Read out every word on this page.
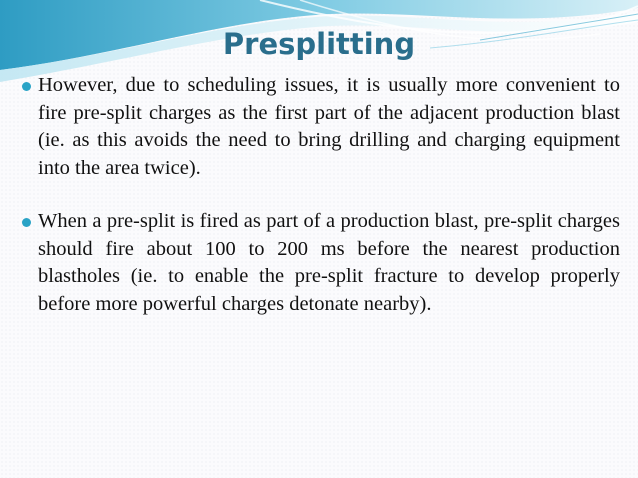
Presplitting

However, due to scheduling issues, it is usually more convenient to fire pre-split charges as the first part of the adjacent production blast (ie. as this avoids the need to bring drilling and charging equipment into the area twice).

When a pre-split is fired as part of a production blast, pre-split charges should fire about 100 to 200 ms before the nearest production blastholes (ie. to enable the pre-split fracture to develop properly before more powerful charges detonate nearby).
